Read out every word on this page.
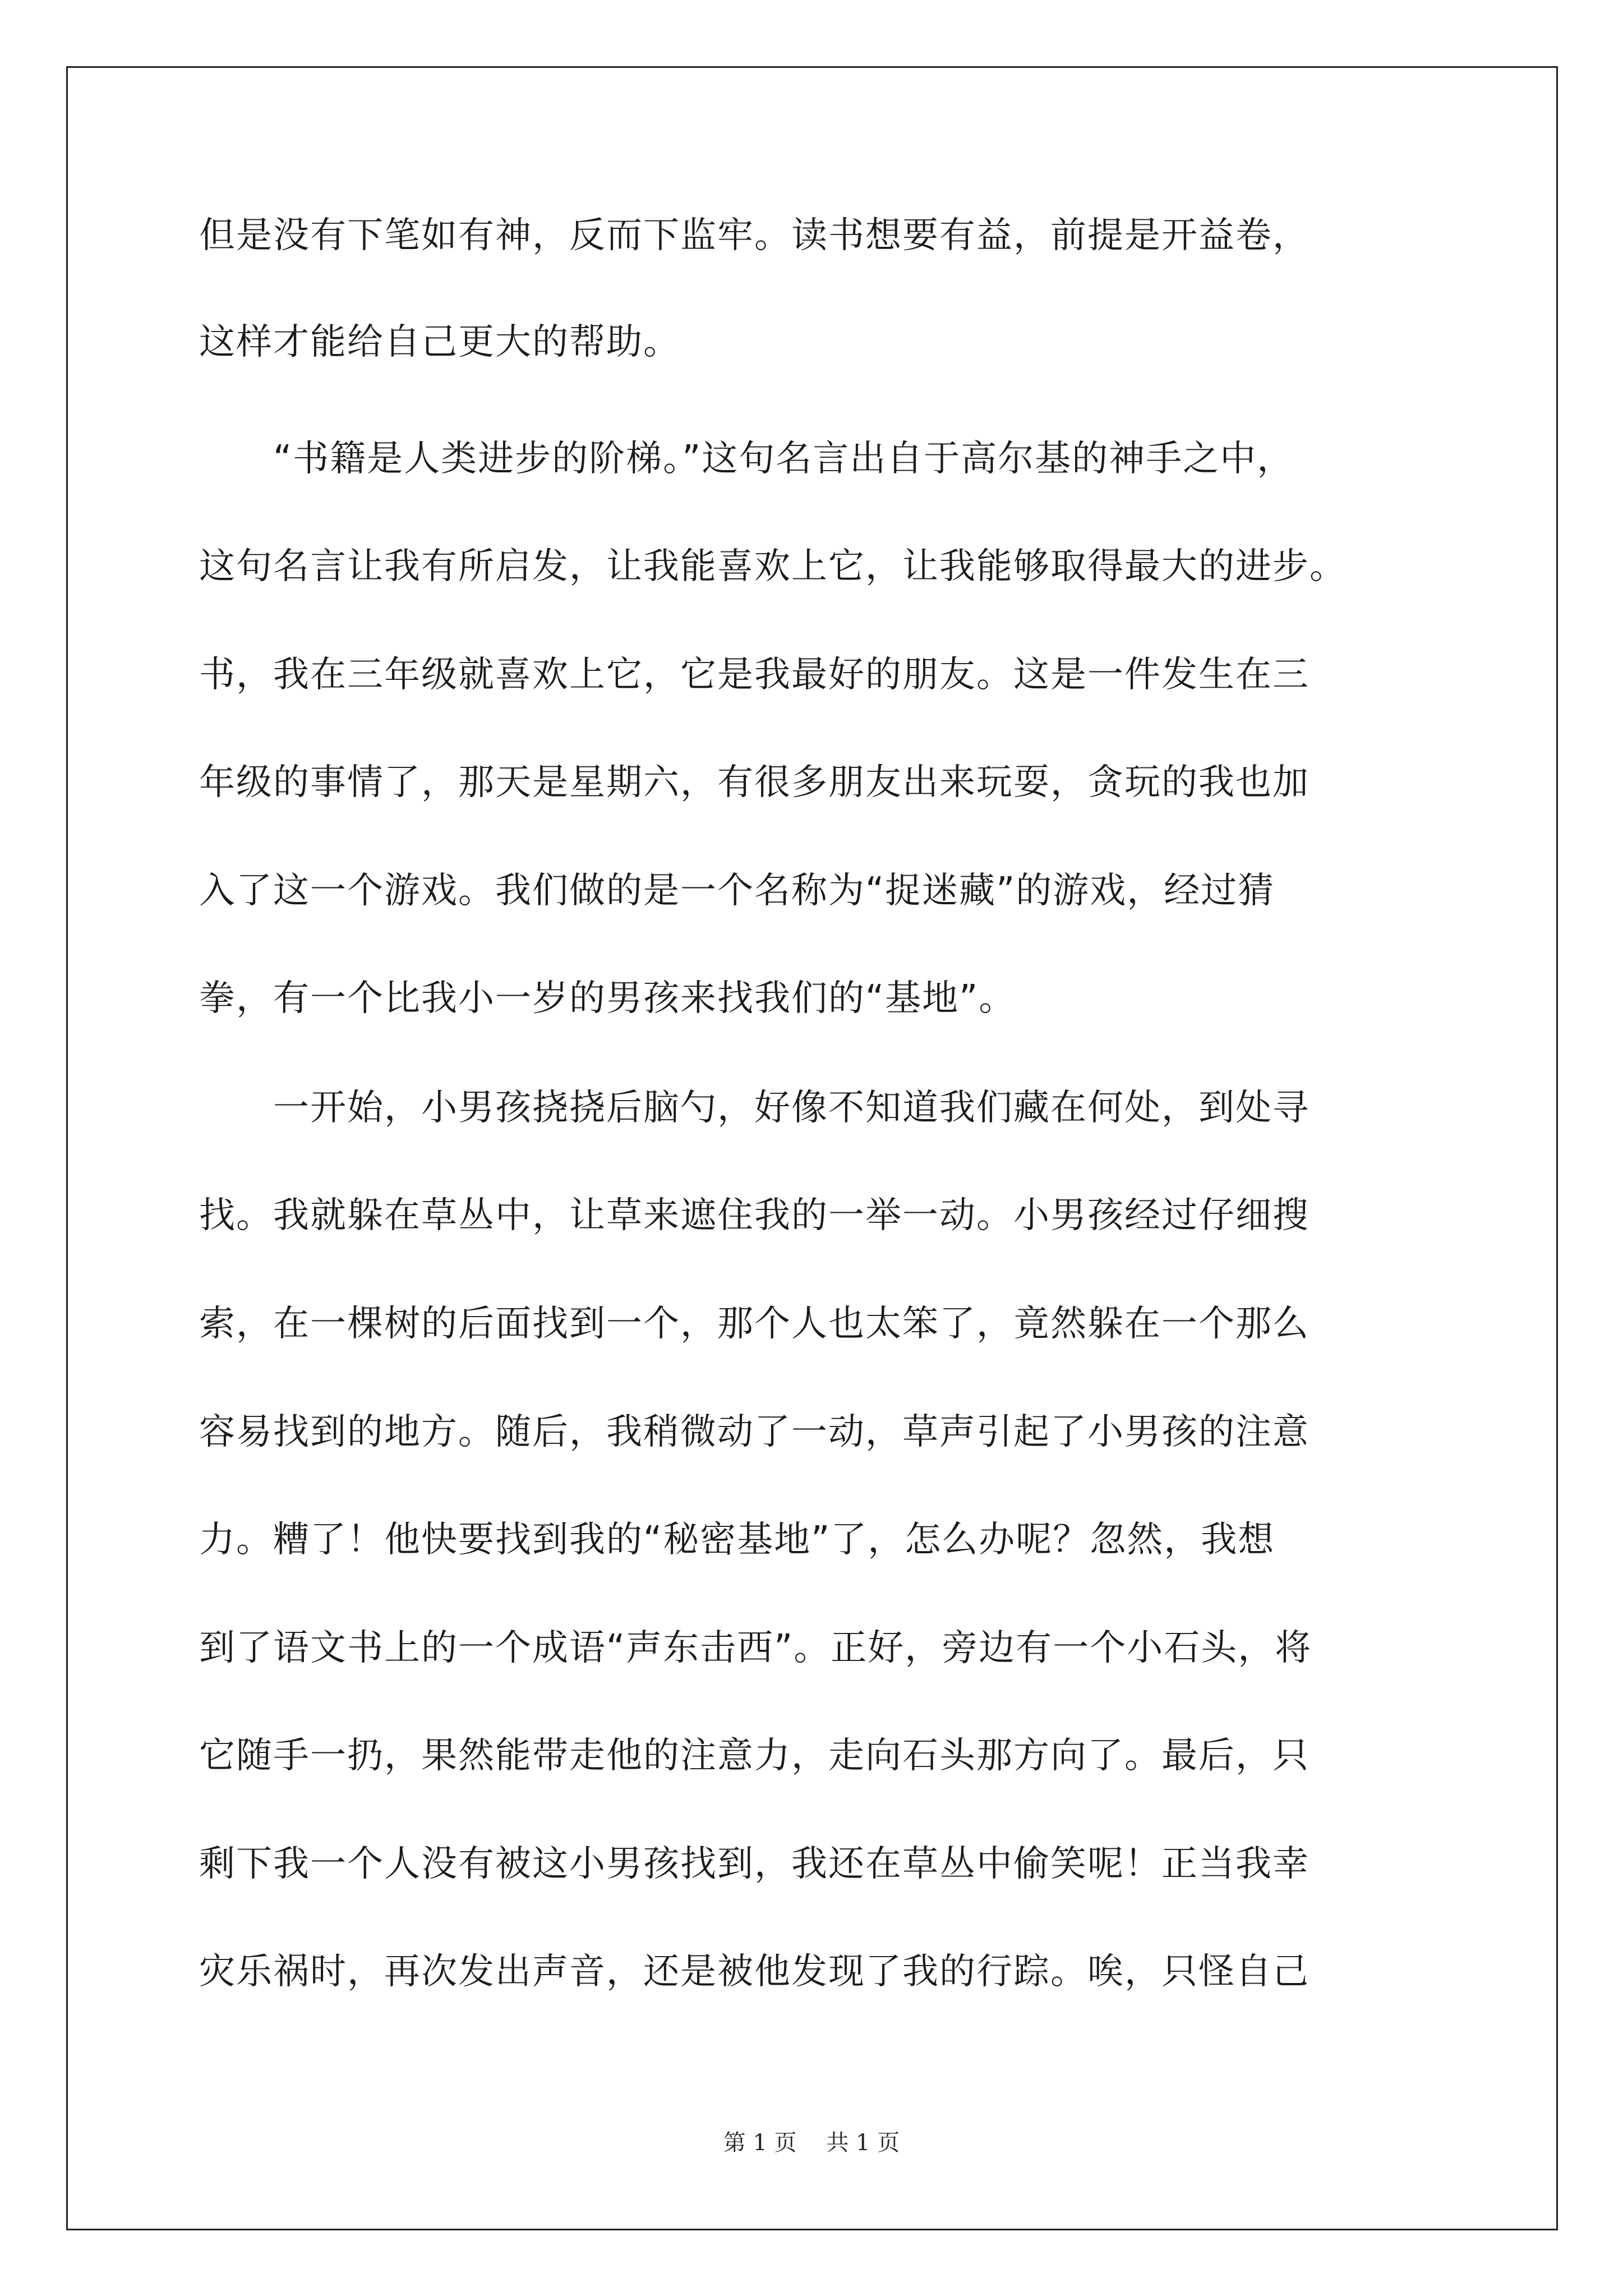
但是没有下笔如有神，反而下监牢。读书想要有益，前提是开益卷，
这样才能给自己更大的帮助。
　　“书籍是人类进步的阶梯。”这句名言出自于高尔基的神手之中，
这句名言让我有所启发，让我能喜欢上它，让我能够取得最大的进步。
书，我在三年级就喜欢上它，它是我最好的朋友。这是一件发生在三
年级的事情了，那天是星期六，有很多朋友出来玩耍，贪玩的我也加
入了这一个游戏。我们做的是一个名称为“捉迷藏”的游戏，经过猜
拳，有一个比我小一岁的男孩来找我们的“基地”。
　　一开始，小男孩挠挠后脑勺，好像不知道我们藏在何处，到处寻
找。我就躲在草丛中，让草来遮住我的一举一动。小男孩经过仔细搜
索，在一棵树的后面找到一个，那个人也太笨了，竟然躲在一个那么
容易找到的地方。随后，我稍微动了一动，草声引起了小男孩的注意
力。糟了！他快要找到我的“秘密基地”了，怎么办呢？忽然，我想
到了语文书上的一个成语“声东击西”。正好，旁边有一个小石头，将
它随手一扔，果然能带走他的注意力，走向石头那方向了。最后，只
剩下我一个人没有被这小男孩找到，我还在草丛中偷笑呢！正当我幸
灾乐祸时，再次发出声音，还是被他发现了我的行踪。唉，只怪自己
第 1 页　 共 1 页
